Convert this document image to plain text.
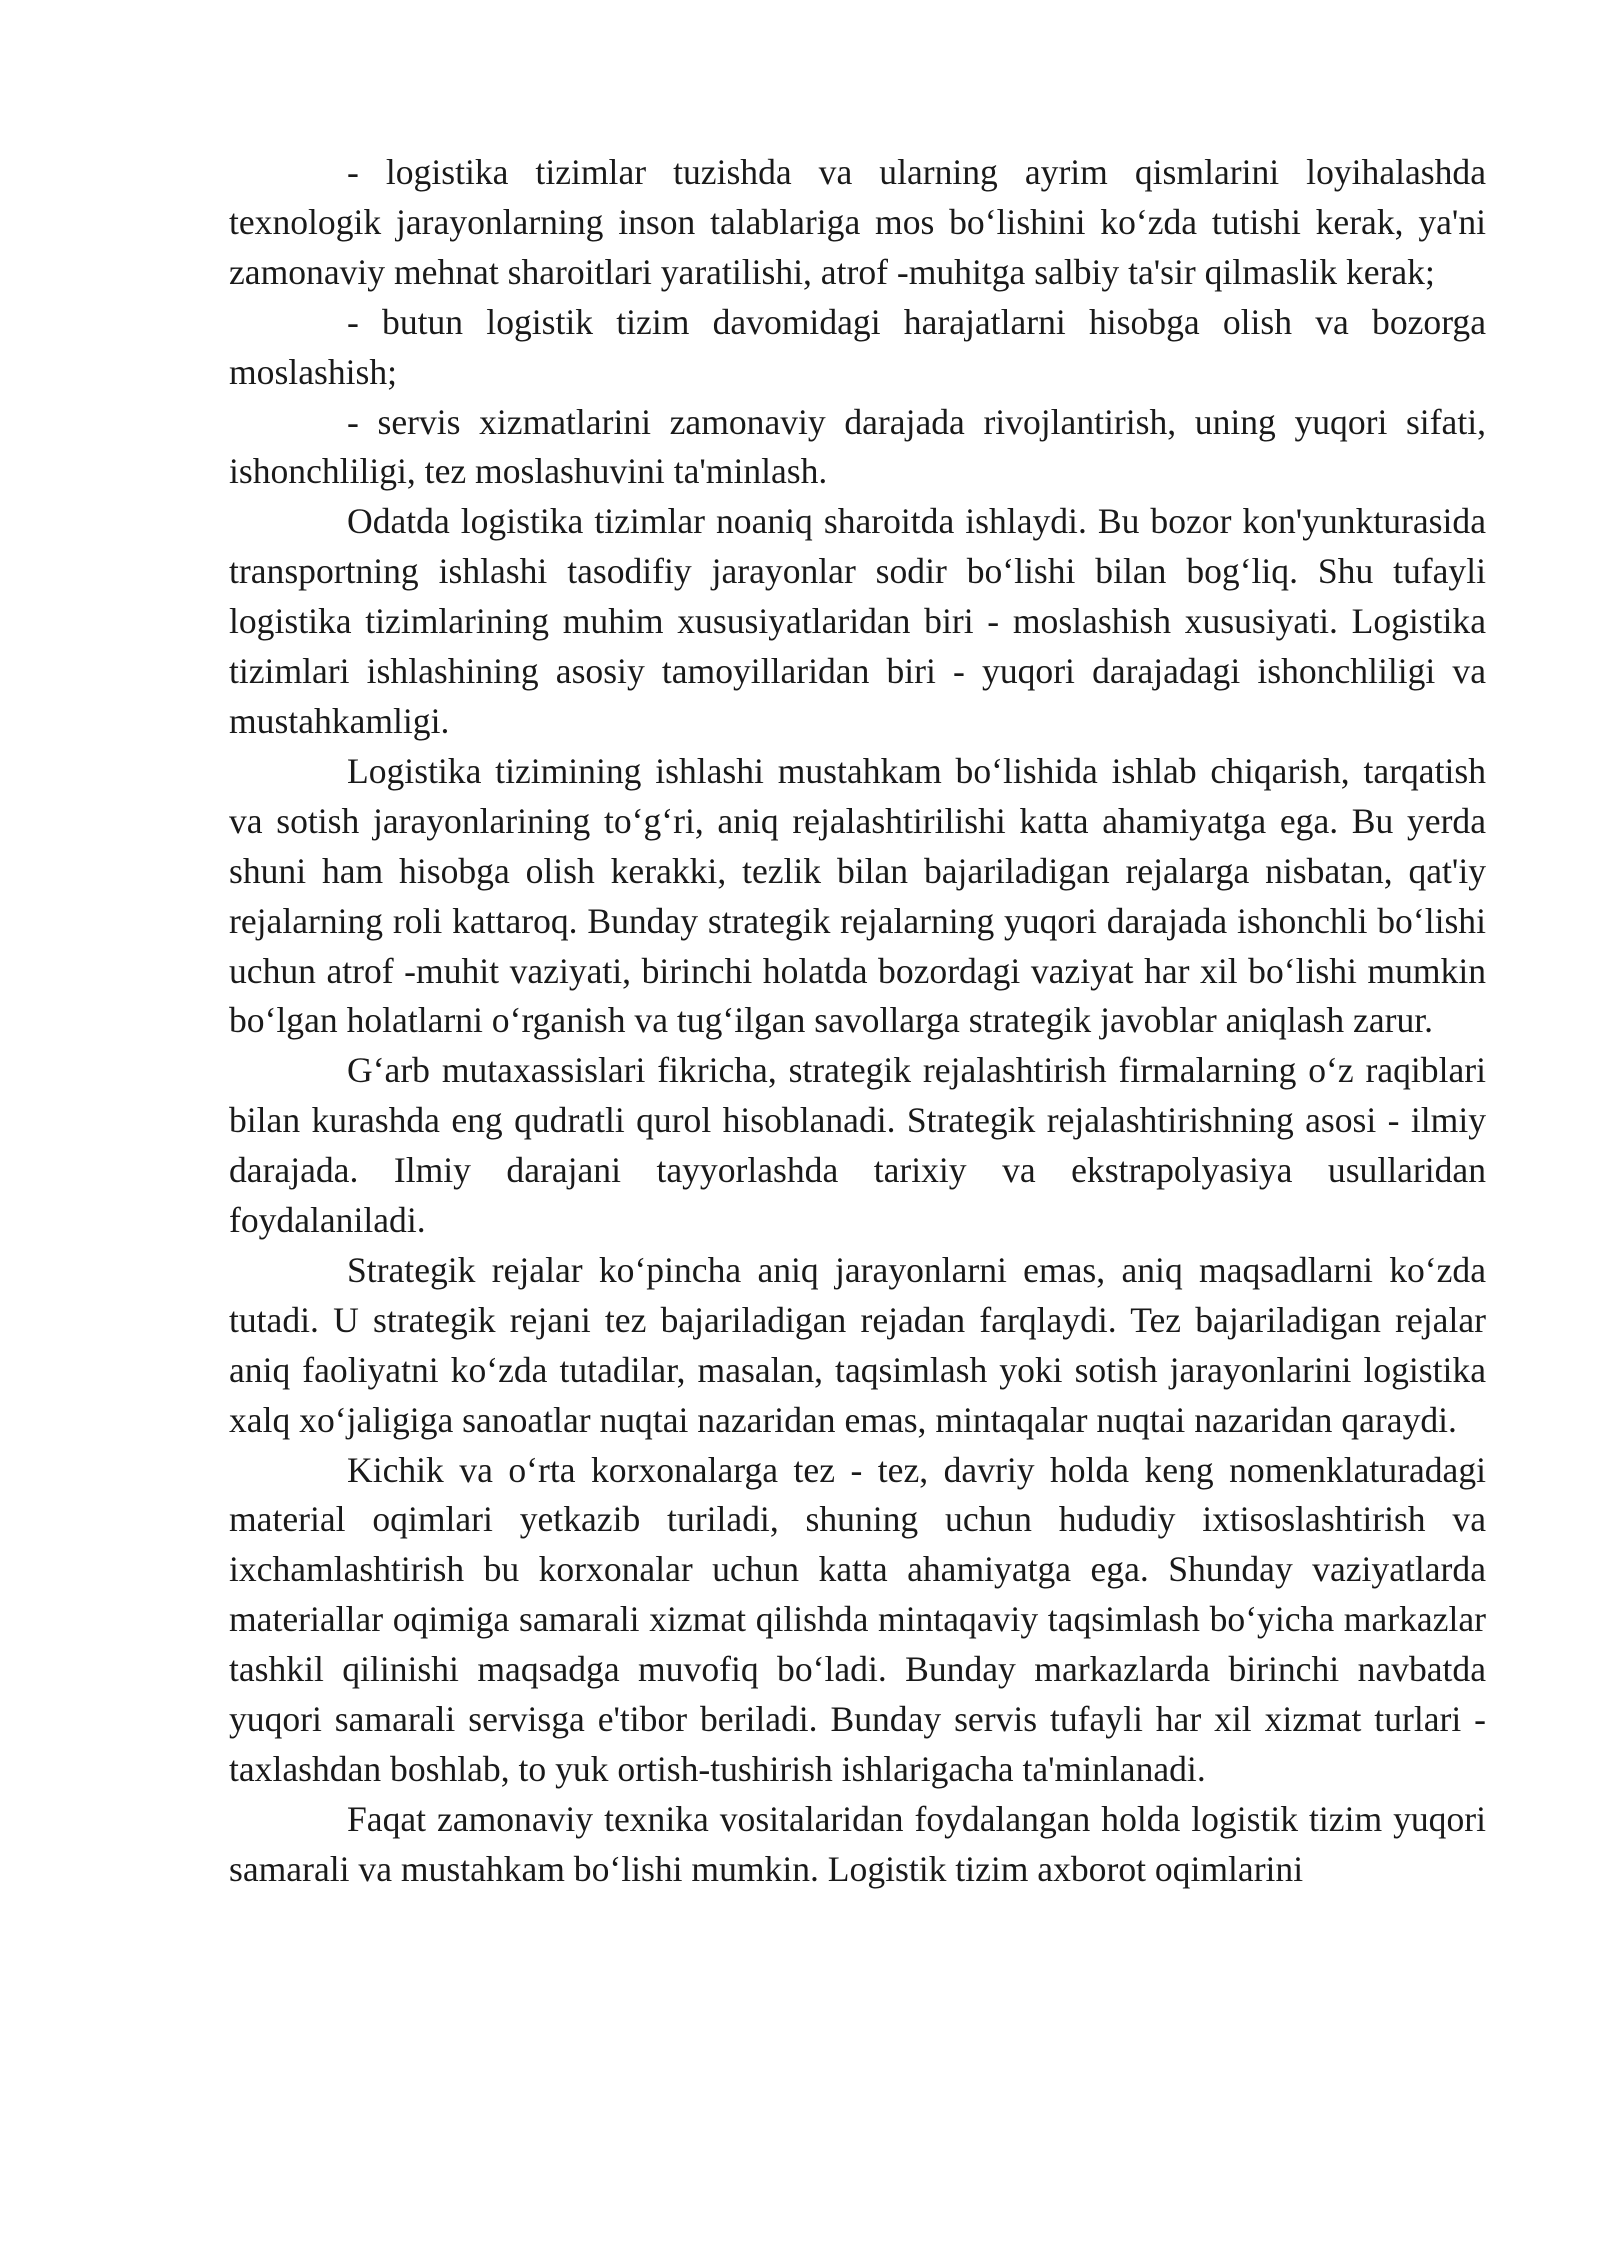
- logistika tizimlar tuzishda va ularning ayrim qismlarini loyihalashda texnologik jarayonlarning inson talablariga mos bo‘lishini ko‘zda tutishi kerak, ya'ni zamonaviy mehnat sharoitlari yaratilishi, atrof -muhitga salbiy ta'sir qilmaslik kerak;

- butun logistik tizim davomidagi harajatlarni hisobga olish va bozorga moslashish;

- servis xizmatlarini zamonaviy darajada rivojlantirish, uning yuqori sifati, ishonchliligi, tez moslashuvini ta'minlash.

Odatda logistika tizimlar noaniq sharoitda ishlaydi. Bu bozor kon'yunkturasida transportning ishlashi tasodifiy jarayonlar sodir bo‘lishi bilan bog‘liq. Shu tufayli logistika tizimlarining muhim xususiyatlaridan biri - moslashish xususiyati. Logistika tizimlari ishlashining asosiy tamoyillaridan biri - yuqori darajadagi ishonchliligi va mustahkamligi.

Logistika tizimining ishlashi mustahkam bo‘lishida ishlab chiqarish, tarqatish va sotish jarayonlarining to‘g‘ri, aniq rejalashtirilishi katta ahamiyatga ega. Bu yerda shuni ham hisobga olish kerakki, tezlik bilan bajariladigan rejalarga nisbatan, qat'iy rejalarning roli kattaroq. Bunday strategik rejalarning yuqori darajada ishonchli bo‘lishi uchun atrof -muhit vaziyati, birinchi holatda bozordagi vaziyat har xil bo‘lishi mumkin bo‘lgan holatlarni o‘rganish va tug‘ilgan savollarga strategik javoblar aniqlash zarur.

G‘arb mutaxassislari fikricha, strategik rejalashtirish firmalarning o‘z raqiblari bilan kurashda eng qudratli qurol hisoblanadi. Strategik rejalashtirishning asosi - ilmiy darajada. Ilmiy darajani tayyorlashda tarixiy va ekstrapolyasiya usullaridan foydalaniladi.

Strategik rejalar ko‘pincha aniq jarayonlarni emas, aniq maqsadlarni ko‘zda tutadi. U strategik rejani tez bajariladigan rejadan farqlaydi. Tez bajariladigan rejalar aniq faoliyatni ko‘zda tutadilar, masalan, taqsimlash yoki sotish jarayonlarini logistika xalq xo‘jaligiga sanoatlar nuqtai nazaridan emas, mintaqalar nuqtai nazaridan qaraydi.

Kichik va o‘rta korxonalarga tez - tez, davriy holda keng nomenklaturadagi material oqimlari yetkazib turiladi, shuning uchun hududiy ixtisoslashtirish va ixchamlashtirish bu korxonalar uchun katta ahamiyatga ega. Shunday vaziyatlarda materiallar oqimiga samarali xizmat qilishda mintaqaviy taqsimlash bo‘yicha markazlar tashkil qilinishi maqsadga muvofiq bo‘ladi. Bunday markazlarda birinchi navbatda yuqori samarali servisga e'tibor beriladi. Bunday servis tufayli har xil xizmat turlari - taxlashdan boshlab, to yuk ortish-tushirish ishlarigacha ta'minlanadi.

Faqat zamonaviy texnika vositalaridan foydalangan holda logistik tizim yuqori samarali va mustahkam bo‘lishi mumkin. Logistik tizim axborot oqimlarini
